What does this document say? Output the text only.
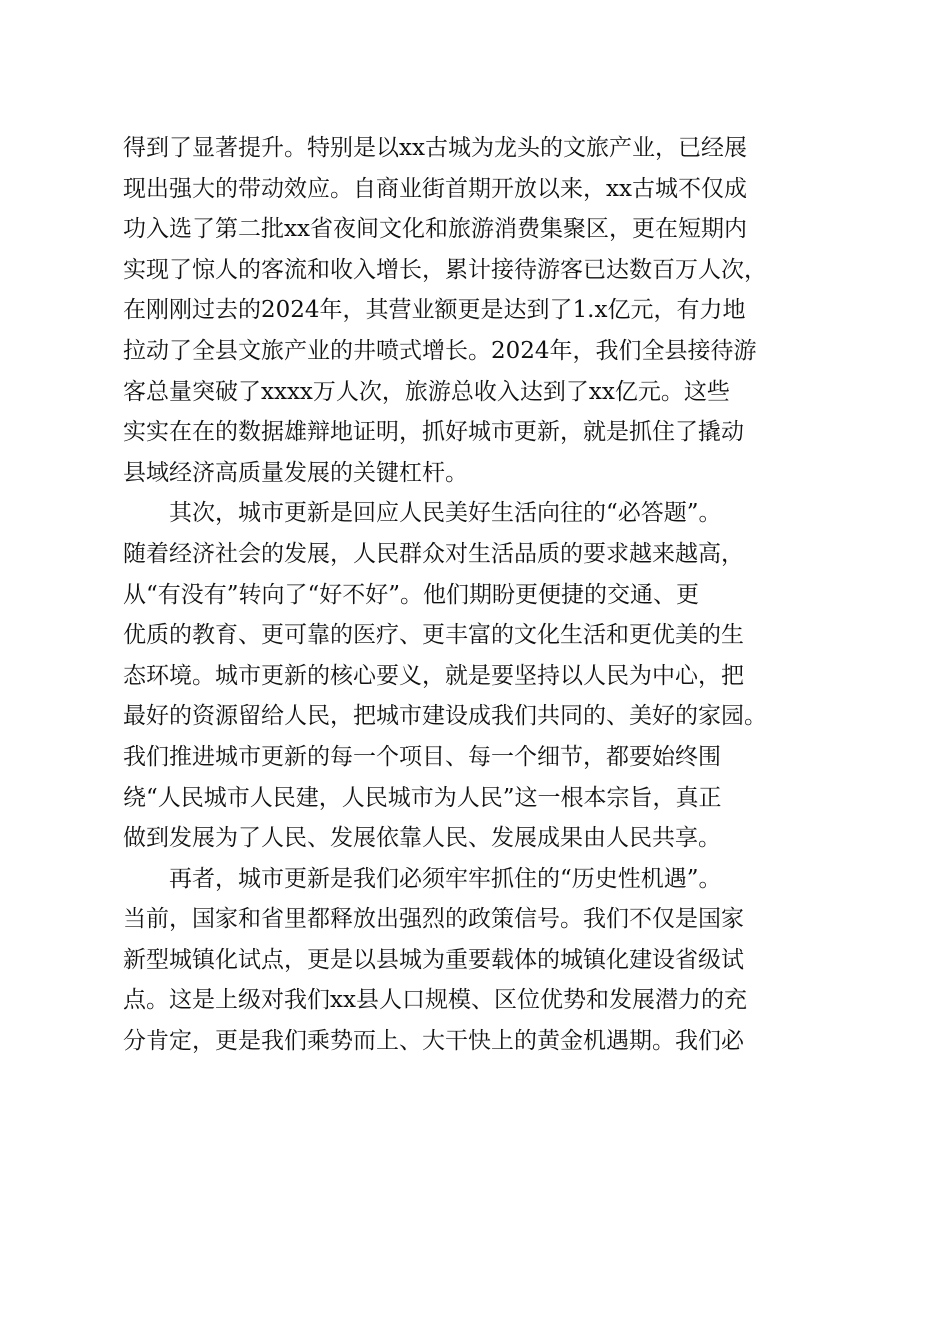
得到了显著提升。特别是以xx古城为龙头的文旅产业，已经展
现出强大的带动效应。自商业街首期开放以来，xx古城不仅成
功入选了第二批xx省夜间文化和旅游消费集聚区，更在短期内
实现了惊人的客流和收入增长，累计接待游客已达数百万人次，
在刚刚过去的2024年，其营业额更是达到了1.x亿元，有力地
拉动了全县文旅产业的井喷式增长。2024年，我们全县接待游
客总量突破了xxxx万人次，旅游总收入达到了xx亿元。这些
实实在在的数据雄辩地证明，抓好城市更新，就是抓住了撬动
县域经济高质量发展的关键杠杆。
其次，城市更新是回应人民美好生活向往的“必答题”。
随着经济社会的发展，人民群众对生活品质的要求越来越高，
从“有没有”转向了“好不好”。他们期盼更便捷的交通、更
优质的教育、更可靠的医疗、更丰富的文化生活和更优美的生
态环境。城市更新的核心要义，就是要坚持以人民为中心，把
最好的资源留给人民，把城市建设成我们共同的、美好的家园。
我们推进城市更新的每一个项目、每一个细节，都要始终围
绕“人民城市人民建，人民城市为人民”这一根本宗旨，真正
做到发展为了人民、发展依靠人民、发展成果由人民共享。
再者，城市更新是我们必须牢牢抓住的“历史性机遇”。
当前，国家和省里都释放出强烈的政策信号。我们不仅是国家
新型城镇化试点，更是以县城为重要载体的城镇化建设省级试
点。这是上级对我们xx县人口规模、区位优势和发展潜力的充
分肯定，更是我们乘势而上、大干快上的黄金机遇期。我们必
